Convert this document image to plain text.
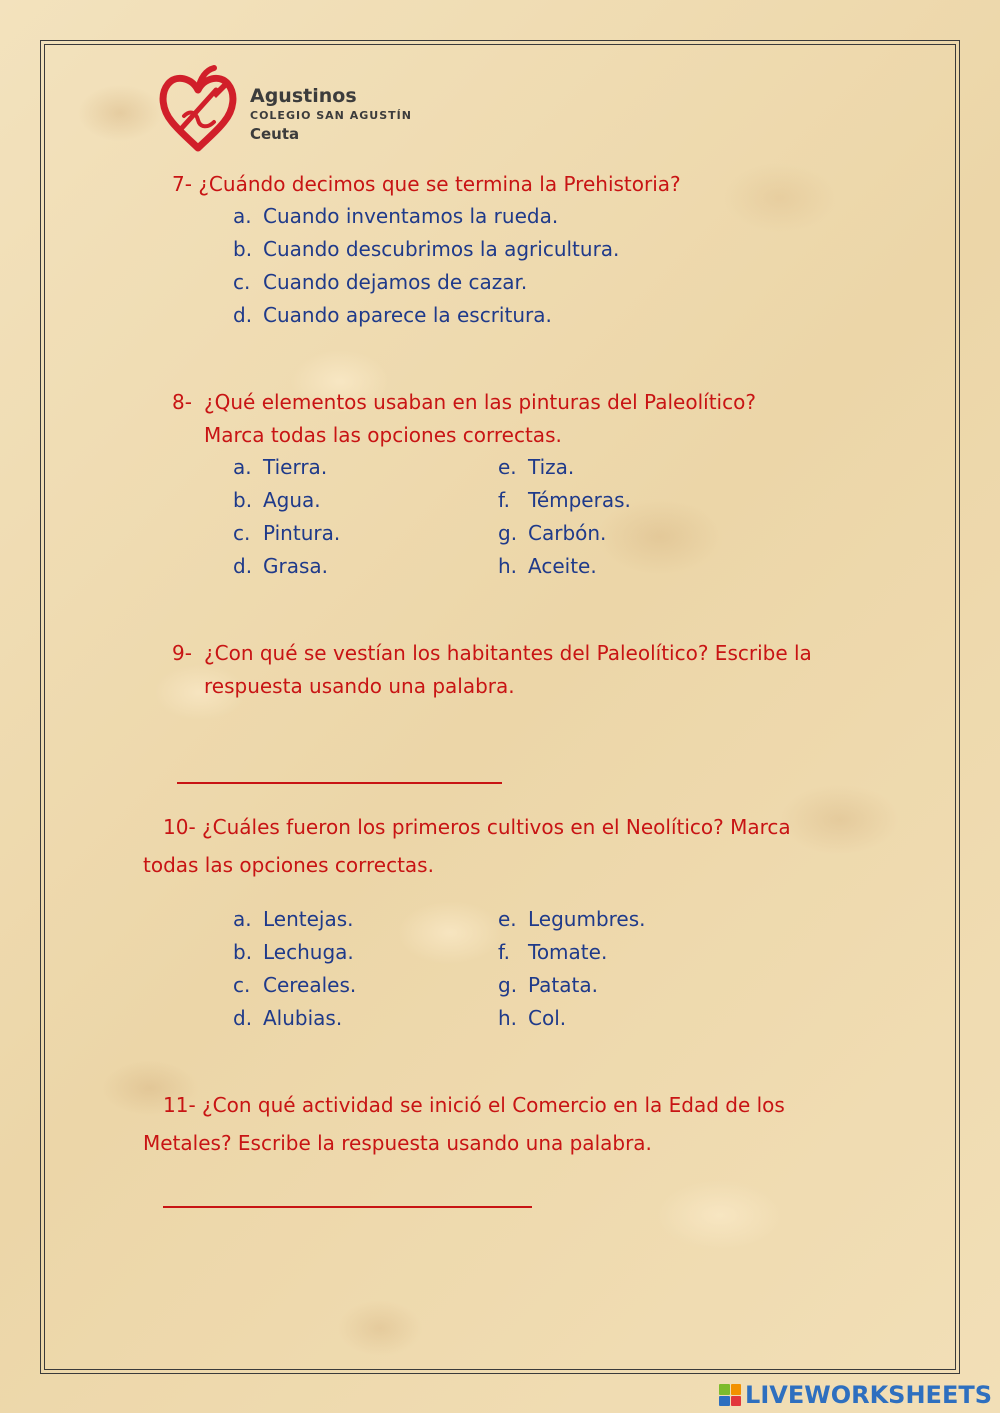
Agustinos
COLEGIO SAN AGUSTÍN
Ceuta
7- ¿Cuándo decimos que se termina la Prehistoria?
a. Cuando inventamos la rueda.
b. Cuando descubrimos la agricultura.
c. Cuando dejamos de cazar.
d. Cuando aparece la escritura.
8- ¿Qué elementos usaban en las pinturas del Paleolítico?
Marca todas las opciones correctas.
a. Tierra.
b. Agua.
c. Pintura.
d. Grasa.
e. Tiza.
f. Témperas.
g. Carbón.
h. Aceite.
9- ¿Con qué se vestían los habitantes del Paleolítico? Escribe la
respuesta usando una palabra.
10- ¿Cuáles fueron los primeros cultivos en el Neolítico? Marca
todas las opciones correctas.
a. Lentejas.
b. Lechuga.
c. Cereales.
d. Alubias.
e. Legumbres.
f. Tomate.
g. Patata.
h. Col.
11- ¿Con qué actividad se inició el Comercio en la Edad de los
Metales? Escribe la respuesta usando una palabra.
LIVEWORKSHEETS
